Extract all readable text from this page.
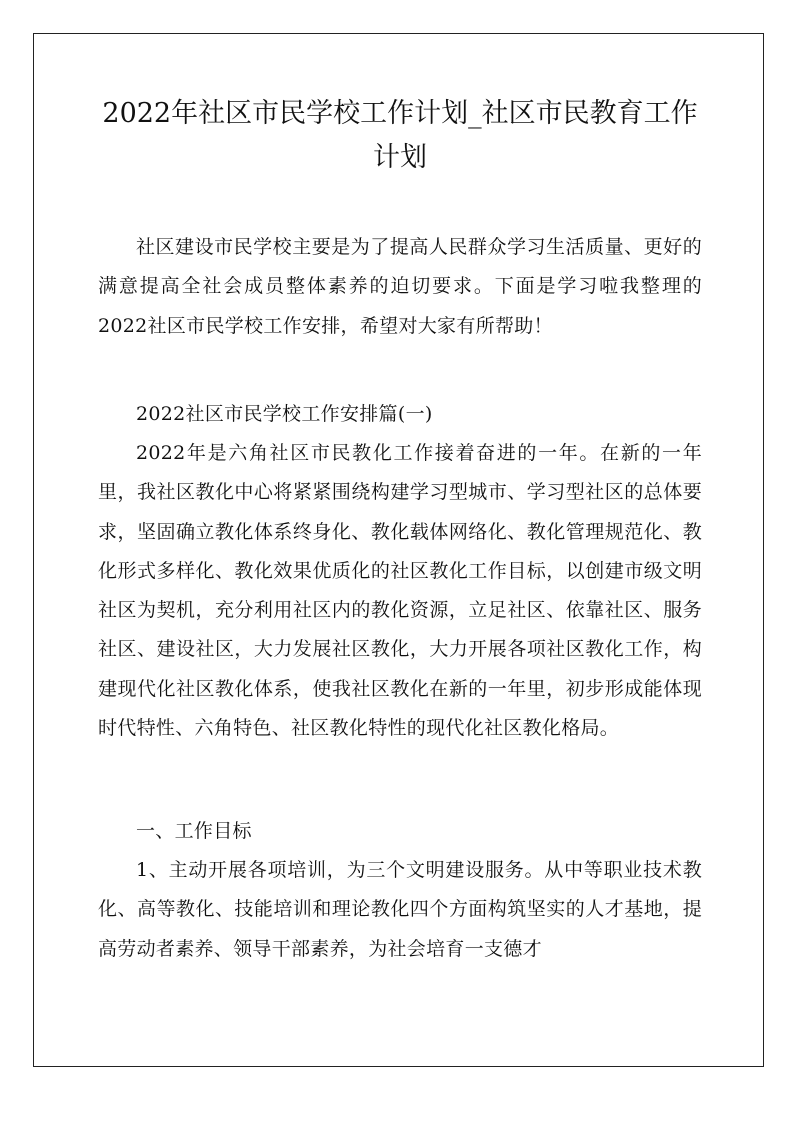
2022年社区市民学校工作计划_社区市民教育工作计划

社区建设市民学校主要是为了提高人民群众学习生活质量、更好的满意提高全社会成员整体素养的迫切要求。下面是学习啦我整理的2022社区市民学校工作安排，希望对大家有所帮助！

2022社区市民学校工作安排篇(一)

2022年是六角社区市民教化工作接着奋进的一年。在新的一年里，我社区教化中心将紧紧围绕构建学习型城市、学习型社区的总体要求，坚固确立教化体系终身化、教化载体网络化、教化管理规范化、教化形式多样化、教化效果优质化的社区教化工作目标，以创建市级文明社区为契机，充分利用社区内的教化资源，立足社区、依靠社区、服务社区、建设社区，大力发展社区教化，大力开展各项社区教化工作，构建现代化社区教化体系，使我社区教化在新的一年里，初步形成能体现时代特性、六角特色、社区教化特性的现代化社区教化格局。

一、工作目标

1、主动开展各项培训，为三个文明建设服务。从中等职业技术教化、高等教化、技能培训和理论教化四个方面构筑坚实的人才基地，提高劳动者素养、领导干部素养，为社会培育一支德才
